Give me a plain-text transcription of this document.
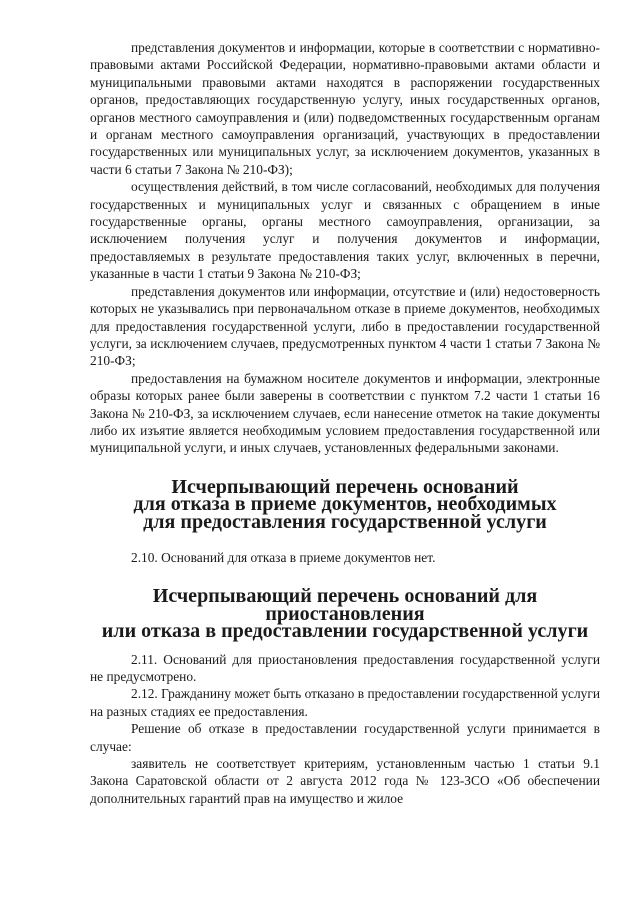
представления документов и информации, которые в соответствии с нормативно-правовыми актами Российской Федерации, нормативно-правовыми актами области и муниципальными правовыми актами находятся в распоряжении государственных органов, предоставляющих государственную услугу, иных государственных органов, органов местного самоуправления и (или) подведомственных государственным органам и органам местного самоуправления организаций, участвующих в предоставлении государственных или муниципальных услуг, за исключением документов, указанных в части 6 статьи 7 Закона № 210-ФЗ);

осуществления действий, в том числе согласований, необходимых для получения государственных и муниципальных услуг и связанных с обращением в иные государственные органы, органы местного самоуправления, организации, за исключением получения услуг и получения документов и информации, предоставляемых в результате предоставления таких услуг, включенных в перечни, указанные в части 1 статьи 9 Закона № 210-ФЗ;

представления документов или информации, отсутствие и (или) недостоверность которых не указывались при первоначальном отказе в приеме документов, необходимых для предоставления государственной услуги, либо в предоставлении государственной услуги, за исключением случаев, предусмотренных пунктом 4 части 1 статьи 7 Закона № 210-ФЗ;

предоставления на бумажном носителе документов и информации, электронные образы которых ранее были заверены в соответствии с пунктом 7.2 части 1 статьи 16 Закона № 210-ФЗ, за исключением случаев, если нанесение отметок на такие документы либо их изъятие является необходимым условием предоставления государственной или муниципальной услуги, и иных случаев, установленных федеральными законами.

Исчерпывающий перечень оснований
для отказа в приеме документов, необходимых
для предоставления государственной услуги

2.10. Оснований для отказа в приеме документов нет.

Исчерпывающий перечень оснований для приостановления
или отказа в предоставлении государственной услуги

2.11. Оснований для приостановления предоставления государственной услуги не предусмотрено.

2.12. Гражданину может быть отказано в предоставлении государственной услуги на разных стадиях ее предоставления.

Решение об отказе в предоставлении государственной услуги принимается в случае:

заявитель не соответствует критериям, установленным частью 1 статьи 9.1 Закона Саратовской области от 2 августа 2012 года № 123-ЗСО «Об обеспечении дополнительных гарантий прав на имущество и жилое
